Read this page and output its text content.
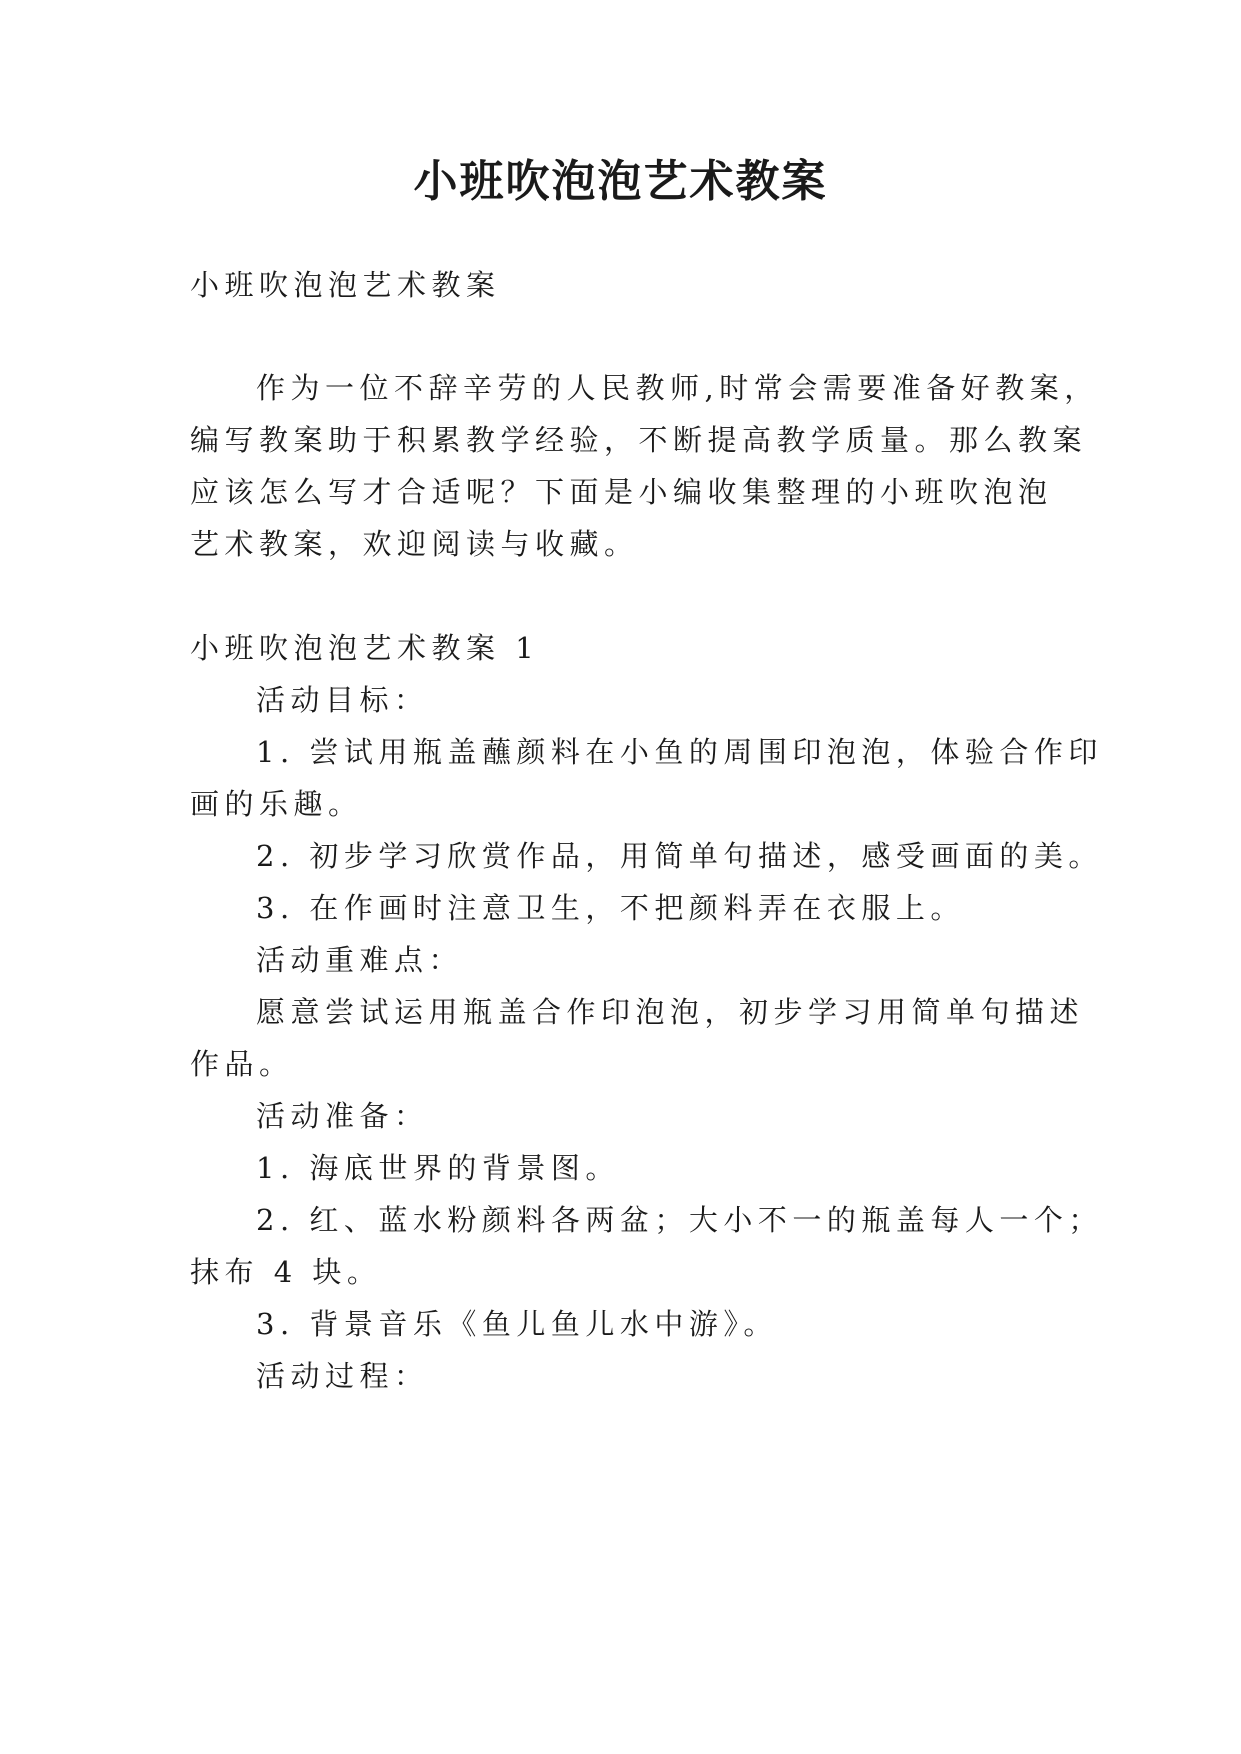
小班吹泡泡艺术教案
小班吹泡泡艺术教案
作为一位不辞辛劳的人民教师,时常会需要准备好教案，
编写教案助于积累教学经验，不断提高教学质量。那么教案
应该怎么写才合适呢？下面是小编收集整理的小班吹泡泡
艺术教案，欢迎阅读与收藏。
小班吹泡泡艺术教案 1
活动目标：
1. 尝试用瓶盖蘸颜料在小鱼的周围印泡泡，体验合作印
画的乐趣。
2. 初步学习欣赏作品，用简单句描述，感受画面的美。
3. 在作画时注意卫生，不把颜料弄在衣服上。
活动重难点：
愿意尝试运用瓶盖合作印泡泡，初步学习用简单句描述
作品。
活动准备：
1. 海底世界的背景图。
2. 红、蓝水粉颜料各两盆；大小不一的瓶盖每人一个；
抹布 4 块。
3. 背景音乐《鱼儿鱼儿水中游》。
活动过程：
